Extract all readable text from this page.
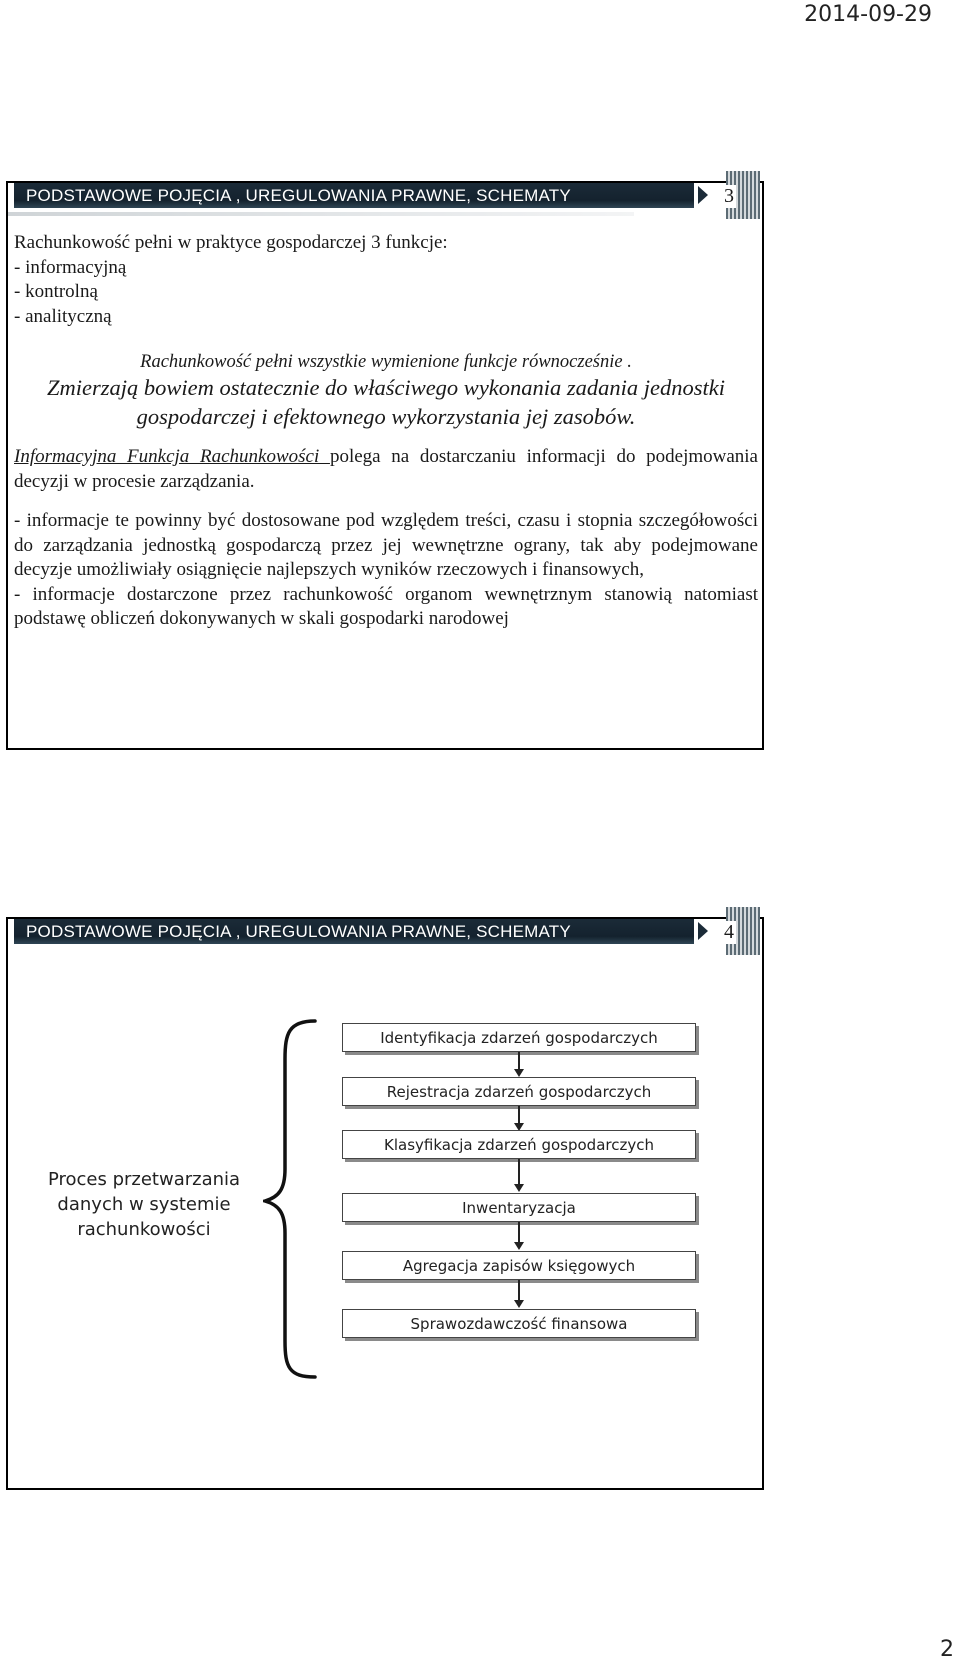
2014-09-29
PODSTAWOWE POJĘCIA , UREGULOWANIA PRAWNE, SCHEMATY	3

Rachunkowość pełni w praktyce gospodarczej 3 funkcje:

- informacyjną

- kontrolną

- analityczną

Rachunkowość pełni wszystkie wymienione funkcje równocześnie .

Zmierzają bowiem ostatecznie do właściwego wykonania zadania jednostki gospodarczej i efektownego wykorzystania jej zasobów.

Informacyjna Funkcja Rachunkowości polega na dostarczaniu informacji do podejmowania decyzji w procesie zarządzania.

- informacje te powinny być dostosowane pod względem treści, czasu i stopnia szczegółowości do zarządzania jednostką gospodarczą przez jej wewnętrzne ograny, tak aby podejmowane decyzje umożliwiały osiągnięcie najlepszych wyników rzeczowych i finansowych,

- informacje dostarczone przez rachunkowość organom wewnętrznym stanowią natomiast podstawę obliczeń dokonywanych w skali gospodarki narodowej

PODSTAWOWE POJĘCIA , UREGULOWANIA PRAWNE, SCHEMATY	4
Proces przetwarzania
danych w systemie
rachunkowości
Identyfikacja zdarzeń gospodarczych
Rejestracja zdarzeń gospodarczych
Klasyfikacja zdarzeń gospodarczych
Inwentaryzacja
Agregacja zapisów księgowych
Sprawozdawczość finansowa
2
